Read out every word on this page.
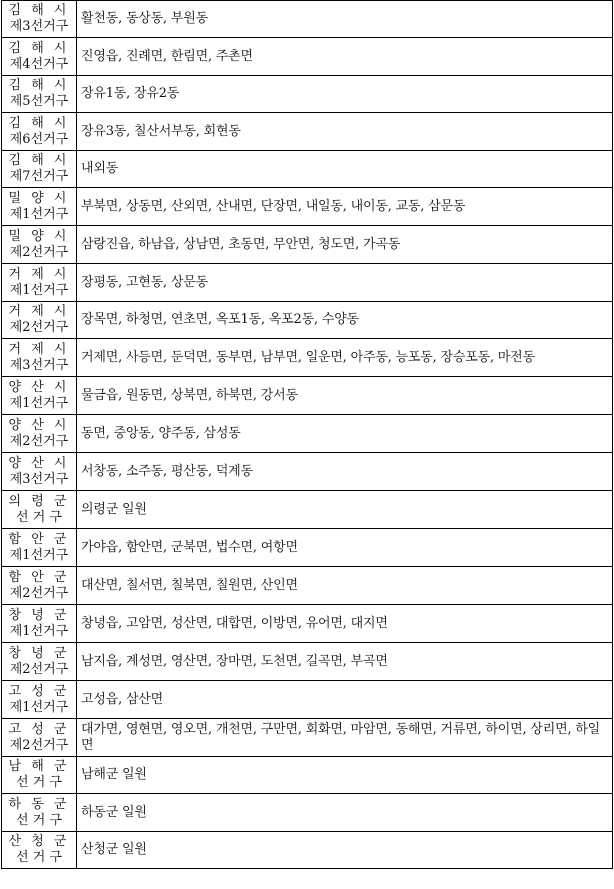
김 해 시
제3선거구	활천동, 동상동, 부원동

김 해 시
제4선거구	진영읍, 진례면, 한림면, 주촌면

김 해 시
제5선거구	장유1동, 장유2동

김 해 시
제6선거구	장유3동, 칠산서부동, 회현동

김 해 시
제7선거구	내외동

밀 양 시
제1선거구	부북면, 상동면, 산외면, 산내면, 단장면, 내일동, 내이동, 교동, 삼문동

밀 양 시
제2선거구	삼랑진읍, 하남읍, 상남면, 초동면, 무안면, 청도면, 가곡동

거 제 시
제1선거구	장평동, 고현동, 상문동

거 제 시
제2선거구	장목면, 하청면, 연초면, 옥포1동, 옥포2동, 수양동

거 제 시
제3선거구	거제면, 사등면, 둔덕면, 동부면, 남부면, 일운면, 아주동, 능포동, 장승포동, 마전동

양 산 시
제1선거구	물금읍, 원동면, 상북면, 하북면, 강서동

양 산 시
제2선거구	동면, 중앙동, 양주동, 삼성동

양 산 시
제3선거구	서창동, 소주동, 평산동, 덕계동

의 령 군
선 거 구	의령군 일원

함 안 군
제1선거구	가야읍, 함안면, 군북면, 법수면, 여항면

함 안 군
제2선거구	대산면, 칠서면, 칠북면, 칠원면, 산인면

창 녕 군
제1선거구	창녕읍, 고암면, 성산면, 대합면, 이방면, 유어면, 대지면

창 녕 군
제2선거구	남지읍, 계성면, 영산면, 장마면, 도천면, 길곡면, 부곡면

고 성 군
제1선거구	고성읍, 삼산면

고 성 군
제2선거구	대가면, 영현면, 영오면, 개천면, 구만면, 회화면, 마암면, 동해면, 거류면, 하이면, 상리면, 하일면

남 해 군
선 거 구	남해군 일원

하 동 군
선 거 구	하동군 일원

산 청 군
선 거 구	산청군 일원
